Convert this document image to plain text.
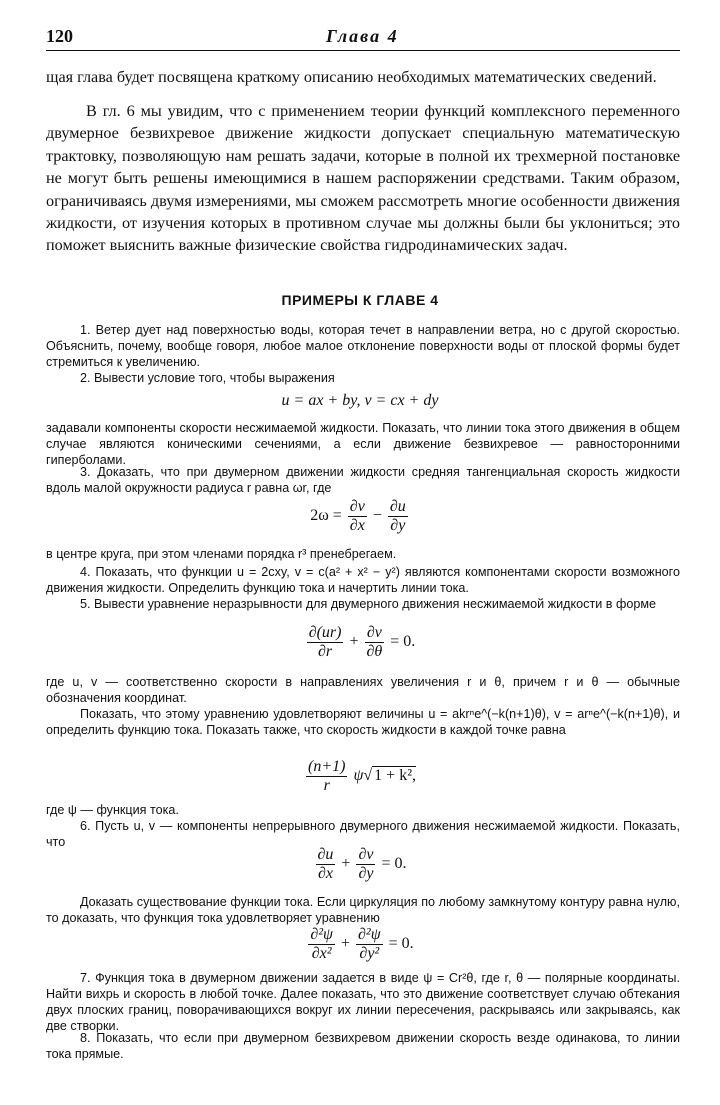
120	Глава 4

щая глава будет посвящена краткому описанию необходимых математических сведений.

В гл. 6 мы увидим, что с применением теории функций комплексного переменного двумерное безвихревое движение жидкости допускает специальную математическую трактовку, позволяющую нам решать задачи, которые в полной их трехмерной постановке не могут быть решены имеющимися в нашем распоряжении средствами. Таким образом, ограничиваясь двумя измерениями, мы сможем рассмотреть многие особенности движения жидкости, от изучения которых в противном случае мы должны были бы уклониться; это поможет выяснить важные физические свойства гидродинамических задач.

ПРИМЕРЫ К ГЛАВЕ 4

1. Ветер дует над поверхностью воды, которая течет в направлении ветра, но с другой скоростью. Объяснить, почему, вообще говоря, любое малое отклонение поверхности воды от плоской формы будет стремиться к увеличению.

2. Вывести условие того, чтобы выражения

u = ax + by, v = cx + dy

задавали компоненты скорости несжимаемой жидкости. Показать, что линии тока этого движения в общем случае являются коническими сечениями, а если движение безвихревое — равносторонними гиперболами.

3. Доказать, что при двумерном движении жидкости средняя тангенциальная скорость жидкости вдоль малой окружности радиуса r равна ωr, где

$2\omega = \frac{\partial v}{\partial x} - \frac{\partial u}{\partial y}$

в центре круга, при этом членами порядка r³ пренебрегаем.

4. Показать, что функции u = 2cxy, v = c(a² + x² − y²) являются компонентами скорости возможного движения жидкости. Определить функцию тока и начертить линии тока.

5. Вывести уравнение неразрывности для двумерного движения несжимаемой жидкости в форме

$\frac{\partial(ur)}{\partial r} + \frac{\partial v}{\partial\theta} = 0$.

где u, v — соответственно скорости в направлениях увеличения r и θ, причем r и θ — обычные обозначения координат.

Показать, что этому уравнению удовлетворяют величины u = akrⁿe^(−k(n+1)θ), v = arⁿe^(−k(n+1)θ), и определить функцию тока. Показать также, что скорость жидкости в каждой точке равна

$\frac{(n+1)}{r} \psi√$ 1 + k²,

где ψ — функция тока.

6. Пусть u, v — компоненты непрерывного двумерного движения несжимаемой жидкости. Показать, что

$\frac{\partial u}{\partial x} + \frac{\partial v}{\partial y} = 0$.

Доказать существование функции тока. Если циркуляция по любому замкнутому контуру равна нулю, то доказать, что функция тока удовлетворяет уравнению

$\frac{\text{∂²ψ}}{\text{∂x²}} + \frac{\text{∂²ψ}}{\text{∂y²}} = 0$.

7. Функция тока в двумерном движении задается в виде ψ = Cr²θ, где r, θ — полярные координаты. Найти вихрь и скорость в любой точке. Далее показать, что это движение соответствует случаю обтекания двух плоских границ, поворачивающихся вокруг их линии пересечения, раскрываясь или закрываясь, как две створки.

8. Показать, что если при двумерном безвихревом движении скорость везде одинакова, то линии тока прямые.
